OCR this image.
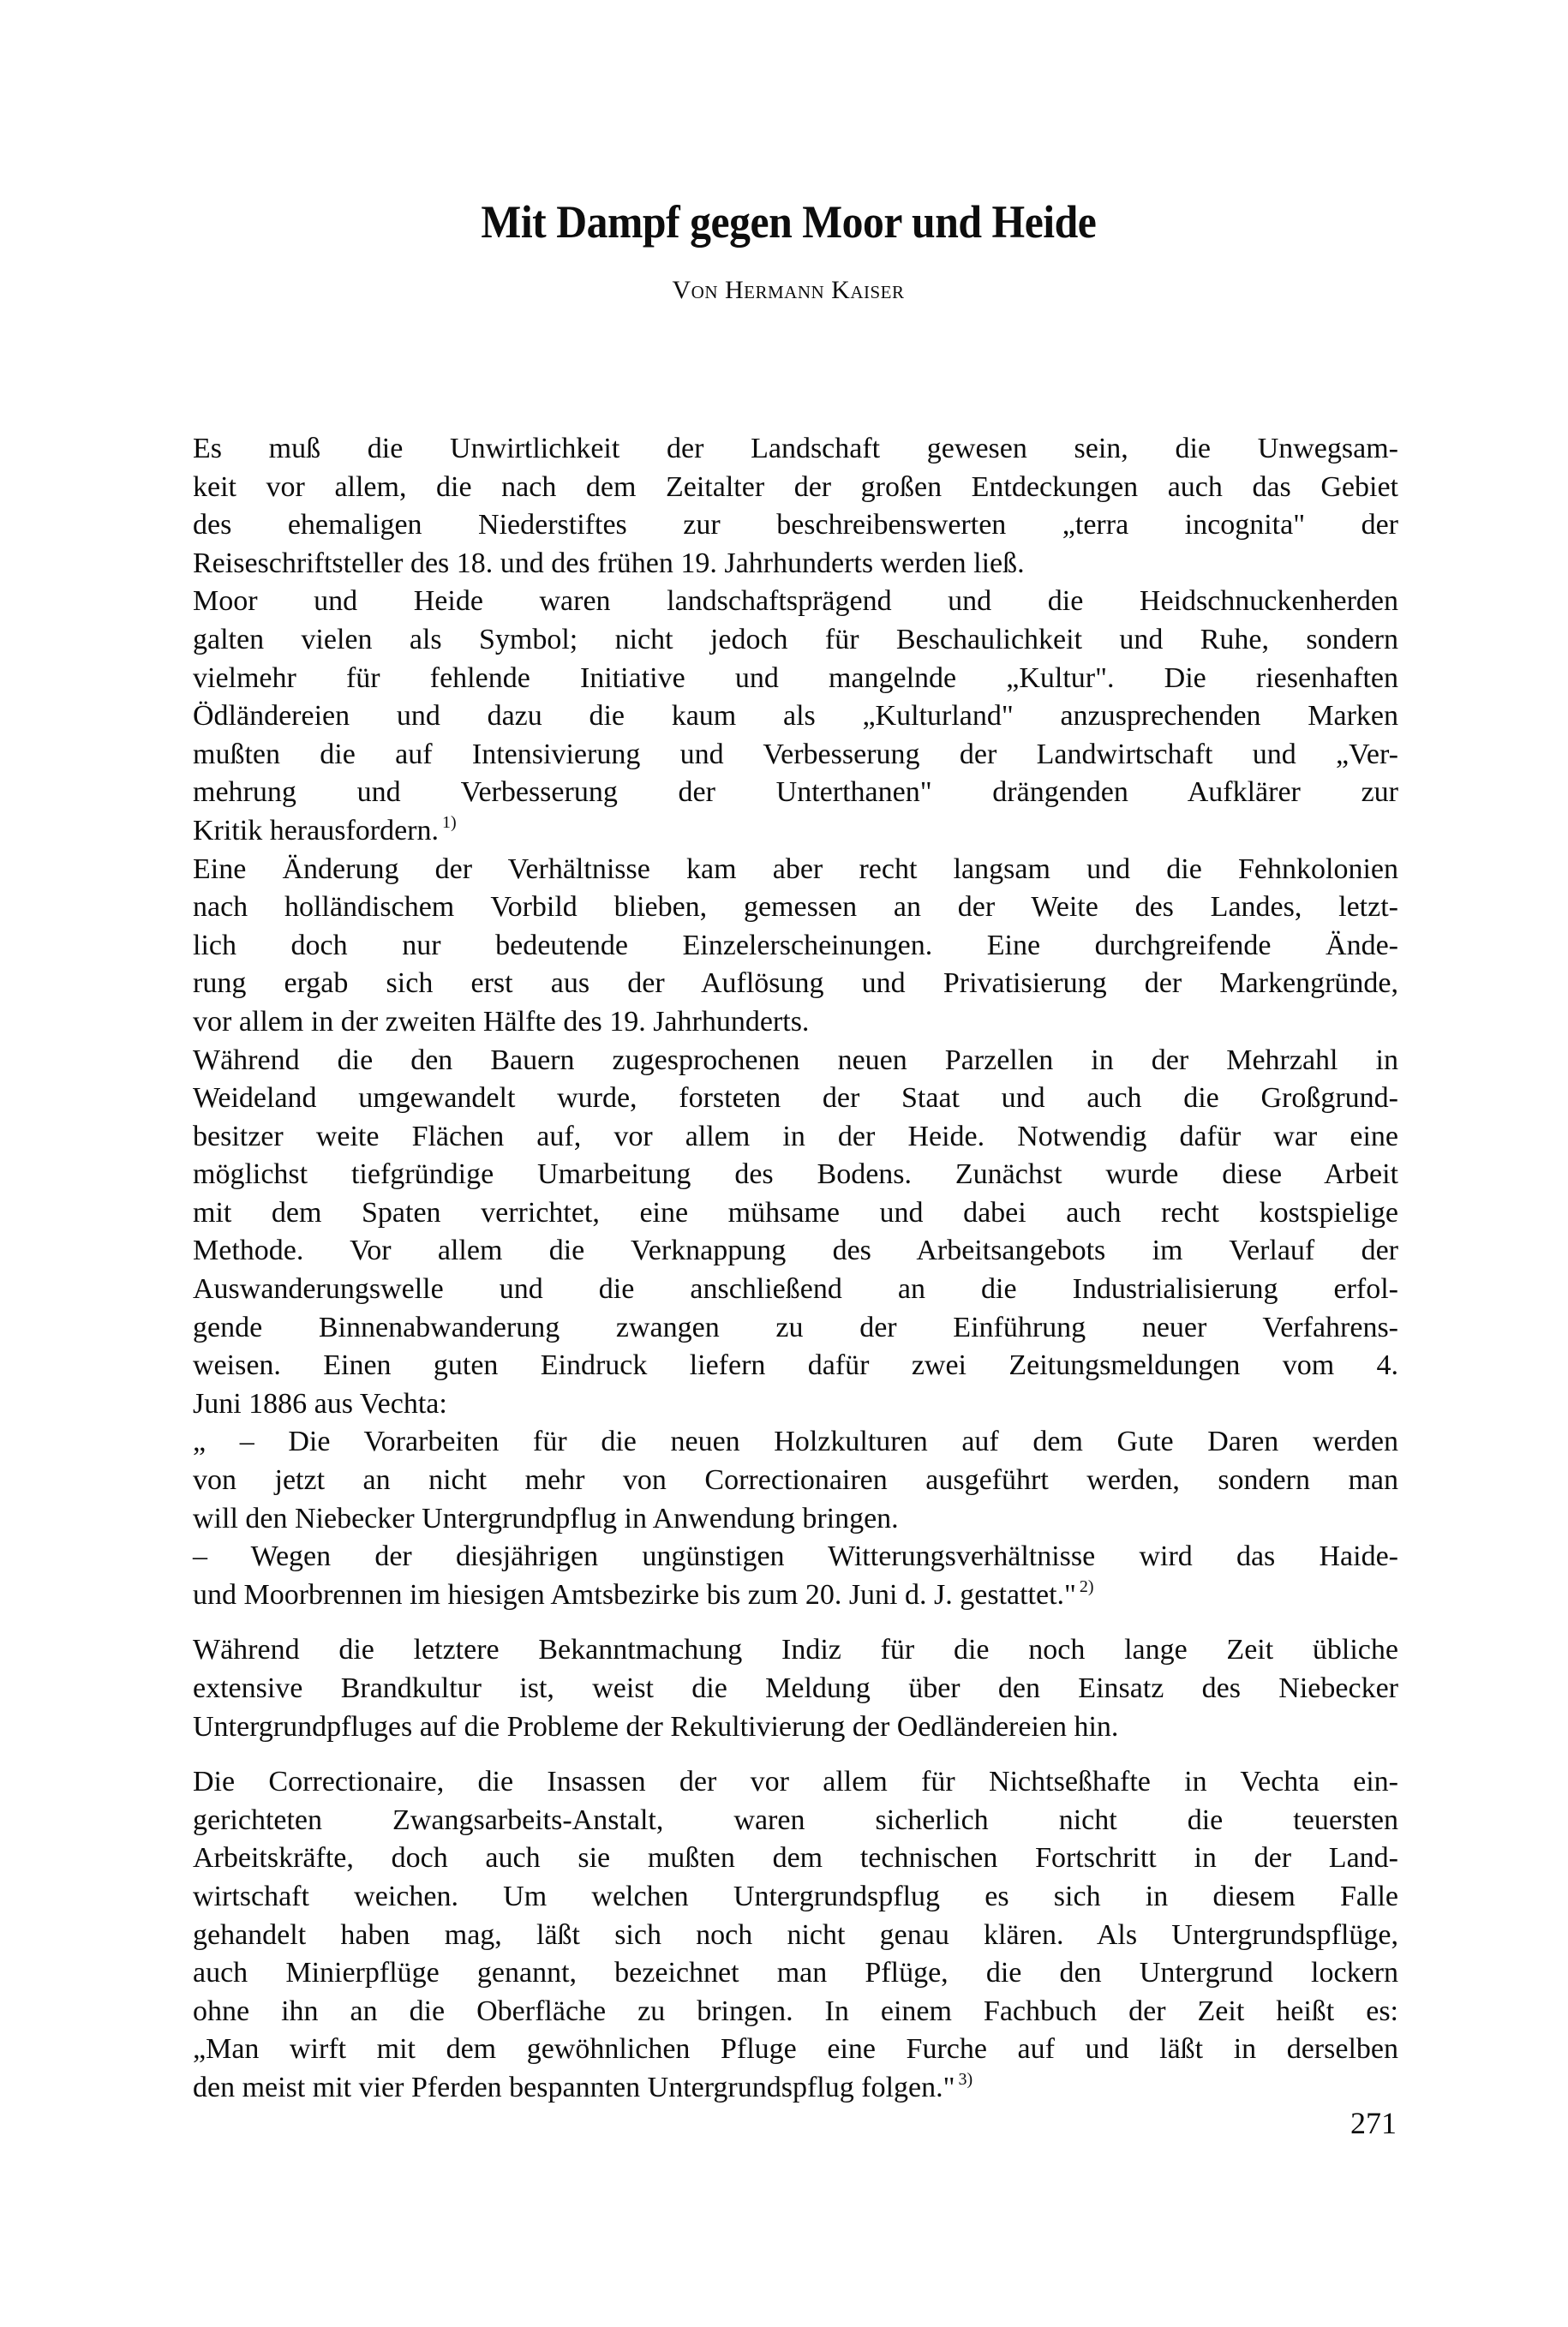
Mit Dampf gegen Moor und Heide
Von Hermann Kaiser

Es muß die Unwirtlichkeit der Landschaft gewesen sein, die Unwegsam-
keit vor allem, die nach dem Zeitalter der großen Entdeckungen auch das Gebiet
des ehemaligen Niederstiftes zur beschreibenswerten „terra incognita" der
Reiseschriftsteller des 18. und des frühen 19. Jahrhunderts werden ließ.

Moor und Heide waren landschaftsprägend und die Heidschnuckenherden
galten vielen als Symbol; nicht jedoch für Beschaulichkeit und Ruhe, sondern
vielmehr für fehlende Initiative und mangelnde „Kultur". Die riesenhaften
Ödländereien und dazu die kaum als „Kulturland" anzusprechenden Marken
mußten die auf Intensivierung und Verbesserung der Landwirtschaft und „Ver-
mehrung und Verbesserung der Unterthanen" drängenden Aufklärer zur
Kritik herausfordern. $^{1)}$

Eine Änderung der Verhältnisse kam aber recht langsam und die Fehnkolonien
nach holländischem Vorbild blieben, gemessen an der Weite des Landes, letzt-
lich doch nur bedeutende Einzelerscheinungen. Eine durchgreifende Ände-
rung ergab sich erst aus der Auflösung und Privatisierung der Markengründe,
vor allem in der zweiten Hälfte des 19. Jahrhunderts.

Während die den Bauern zugesprochenen neuen Parzellen in der Mehrzahl in
Weideland umgewandelt wurde, forsteten der Staat und auch die Großgrund-
besitzer weite Flächen auf, vor allem in der Heide. Notwendig dafür war eine
möglichst tiefgründige Umarbeitung des Bodens. Zunächst wurde diese Arbeit
mit dem Spaten verrichtet, eine mühsame und dabei auch recht kostspielige
Methode. Vor allem die Verknappung des Arbeitsangebots im Verlauf der
Auswanderungswelle und die anschließend an die Industrialisierung erfol-
gende Binnenabwanderung zwangen zu der Einführung neuer Verfahrens-
weisen. Einen guten Eindruck liefern dafür zwei Zeitungsmeldungen vom 4.
Juni 1886 aus Vechta:

„ – Die Vorarbeiten für die neuen Holzkulturen auf dem Gute Daren werden
von jetzt an nicht mehr von Correctionairen ausgeführt werden, sondern man
will den Niebecker Untergrundpflug in Anwendung bringen.

– Wegen der diesjährigen ungünstigen Witterungsverhältnisse wird das Haide-
und Moorbrennen im hiesigen Amtsbezirke bis zum 20. Juni d. J. gestattet." $^{2)}$

Während die letztere Bekanntmachung Indiz für die noch lange Zeit übliche
extensive Brandkultur ist, weist die Meldung über den Einsatz des Niebecker
Untergrundpfluges auf die Probleme der Rekultivierung der Oedländereien hin.

Die Correctionaire, die Insassen der vor allem für Nichtseßhafte in Vechta ein-
gerichteten Zwangsarbeits-Anstalt, waren sicherlich nicht die teuersten
Arbeitskräfte, doch auch sie mußten dem technischen Fortschritt in der Land-
wirtschaft weichen. Um welchen Untergrundspflug es sich in diesem Falle
gehandelt haben mag, läßt sich noch nicht genau klären. Als Untergrundspflüge,
auch Minierpflüge genannt, bezeichnet man Pflüge, die den Untergrund lockern
ohne ihn an die Oberfläche zu bringen. In einem Fachbuch der Zeit heißt es:
„Man wirft mit dem gewöhnlichen Pfluge eine Furche auf und läßt in derselben
den meist mit vier Pferden bespannten Untergrundspflug folgen." $^{3)}$

271
